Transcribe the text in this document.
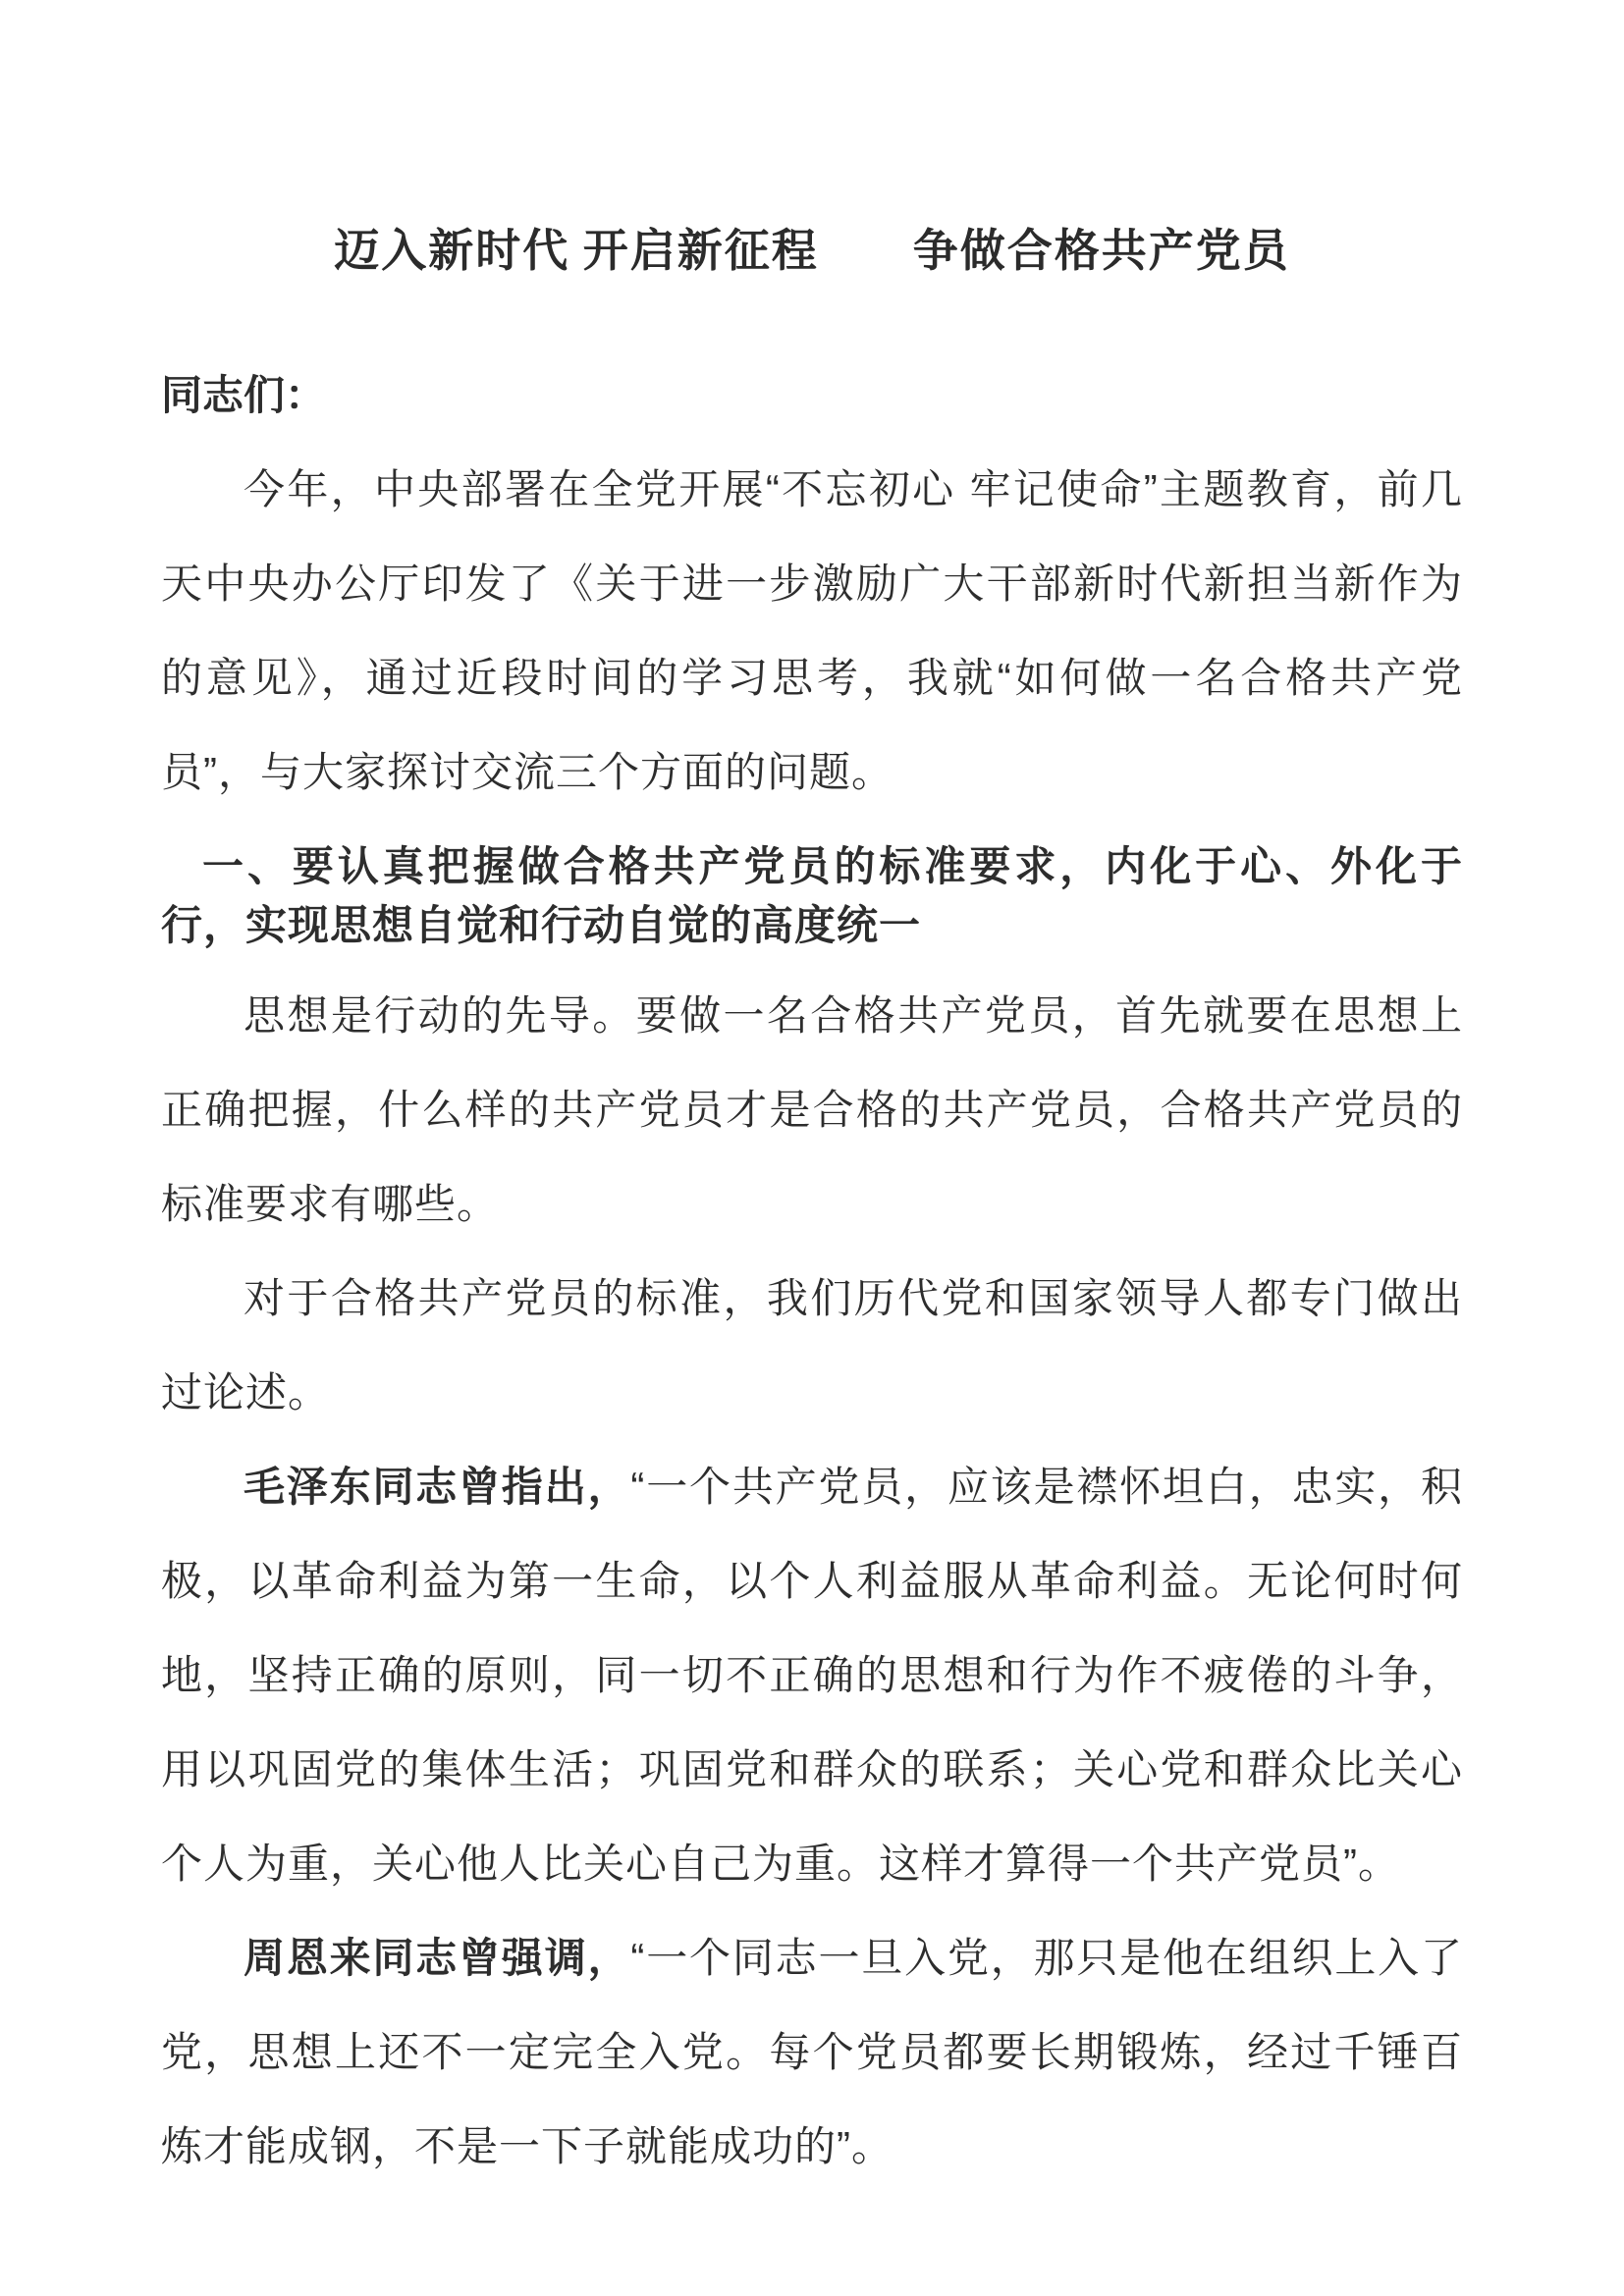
迈入新时代 开启新征程　　争做合格共产党员

同志们：

今年，中央部署在全党开展“不忘初心 牢记使命”主题教育，前几天中央办公厅印发了《关于进一步激励广大干部新时代新担当新作为的意见》，通过近段时间的学习思考，我就“如何做一名合格共产党员”，与大家探讨交流三个方面的问题。

一、要认真把握做合格共产党员的标准要求，内化于心、外化于行，实现思想自觉和行动自觉的高度统一

思想是行动的先导。要做一名合格共产党员，首先就要在思想上正确把握，什么样的共产党员才是合格的共产党员，合格共产党员的标准要求有哪些。

对于合格共产党员的标准，我们历代党和国家领导人都专门做出过论述。

毛泽东同志曾指出，“一个共产党员，应该是襟怀坦白，忠实，积极，以革命利益为第一生命，以个人利益服从革命利益。无论何时何地，坚持正确的原则，同一切不正确的思想和行为作不疲倦的斗争，用以巩固党的集体生活；巩固党和群众的联系；关心党和群众比关心个人为重，关心他人比关心自己为重。这样才算得一个共产党员”。

周恩来同志曾强调，“一个同志一旦入党，那只是他在组织上入了党，思想上还不一定完全入党。每个党员都要长期锻炼，经过千锤百炼才能成钢，不是一下子就能成功的”。
